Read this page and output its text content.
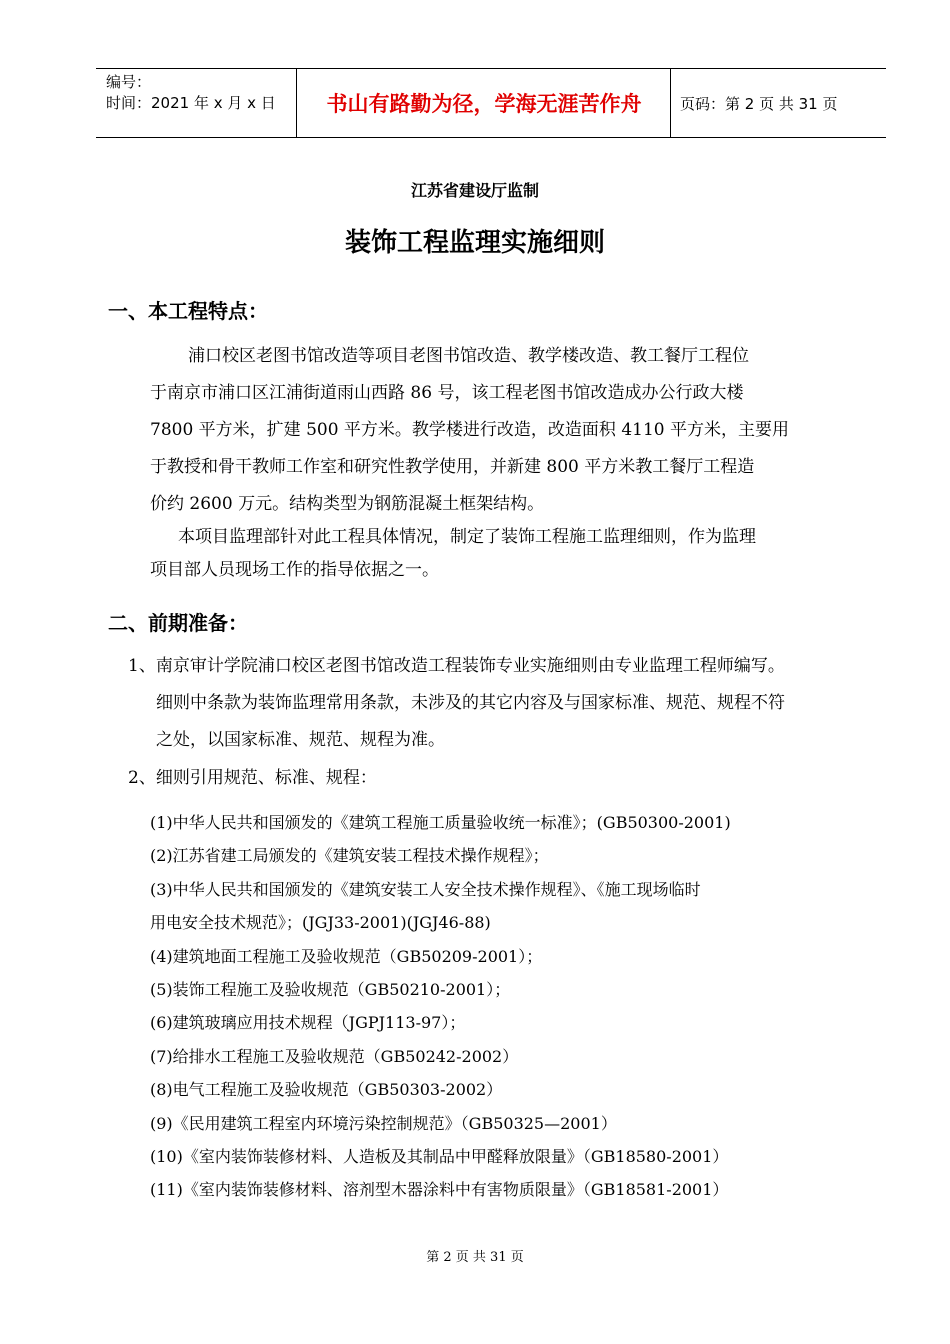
编号：
时间：2021 年 x 月 x 日	书山有路勤为径，学海无涯苦作舟	页码：第 2 页 共 31 页
江苏省建设厅监制
装饰工程监理实施细则
一、本工程特点：
浦口校区老图书馆改造等项目老图书馆改造、教学楼改造、教工餐厅工程位
于南京市浦口区江浦街道雨山西路 86 号，该工程老图书馆改造成办公行政大楼
7800 平方米，扩建 500 平方米。教学楼进行改造，改造面积 4110 平方米，主要用
于教授和骨干教师工作室和研究性教学使用，并新建 800 平方米教工餐厅工程造
价约 2600 万元。结构类型为钢筋混凝土框架结构。
本项目监理部针对此工程具体情况，制定了装饰工程施工监理细则，作为监理
项目部人员现场工作的指导依据之一。
二、前期准备：
1、南京审计学院浦口校区老图书馆改造工程装饰专业实施细则由专业监理工程师编写。
细则中条款为装饰监理常用条款，未涉及的其它内容及与国家标准、规范、规程不符
之处，以国家标准、规范、规程为准。
2、细则引用规范、标准、规程：
(1)中华人民共和国颁发的《建筑工程施工质量验收统一标准》；(GB50300-2001)
(2)江苏省建工局颁发的《建筑安装工程技术操作规程》；
(3)中华人民共和国颁发的《建筑安装工人安全技术操作规程》、《施工现场临时
用电安全技术规范》；(JGJ33-2001)(JGJ46-88)
(4)建筑地面工程施工及验收规范（GB50209-2001）；
(5)装饰工程施工及验收规范（GB50210-2001）；
(6)建筑玻璃应用技术规程（JGPJ113-97）；
(7)给排水工程施工及验收规范（GB50242-2002）
(8)电气工程施工及验收规范（GB50303-2002）
(9)《民用建筑工程室内环境污染控制规范》（GB50325—2001）
(10)《室内装饰装修材料、人造板及其制品中甲醛释放限量》（GB18580-2001）
(11)《室内装饰装修材料、溶剂型木器涂料中有害物质限量》（GB18581-2001）
第 2 页 共 31 页
